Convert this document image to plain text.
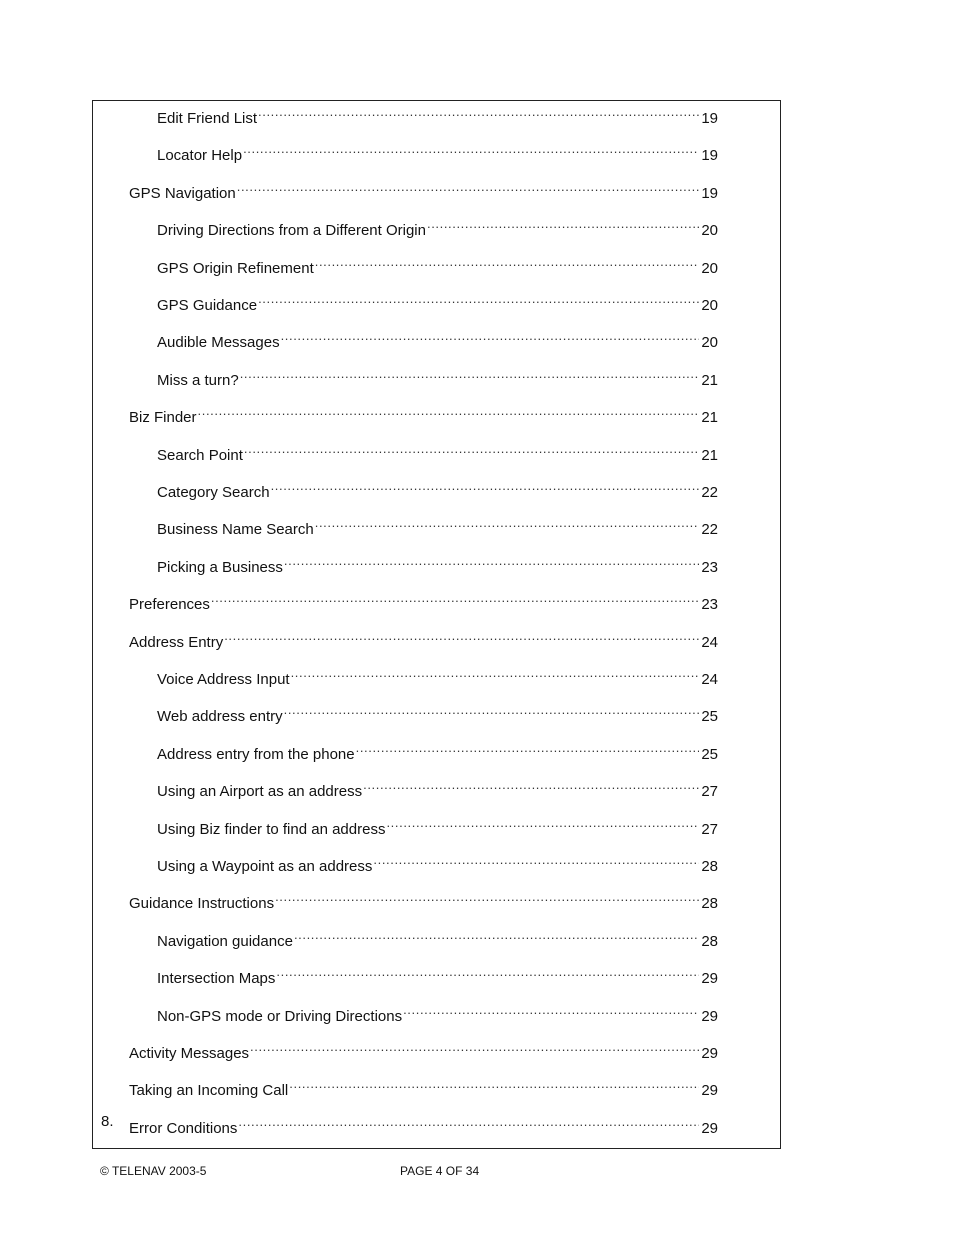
Edit Friend List .....	19
Locator Help .....	19
GPS Navigation .....	19
Driving Directions from a Different Origin .....	20
GPS Origin Refinement .....	20
GPS Guidance .....	20
Audible Messages .....	20
Miss a turn? .....	21
Biz Finder .....	21
Search Point .....	21
Category Search .....	22
Business Name Search .....	22
Picking a Business .....	23
Preferences .....	23
Address Entry .....	24
Voice Address Input .....	24
Web address entry .....	25
Address entry from the phone .....	25
Using an Airport as an address .....	27
Using Biz finder to find an address .....	27
Using a Waypoint as an address .....	28
Guidance Instructions .....	28
Navigation guidance .....	28
Intersection Maps .....	29
Non-GPS mode or Driving Directions .....	29
Activity Messages .....	29
Taking an Incoming Call .....	29
8. Error Conditions .....	29
© TELENAV 2003-5	PAGE 4 OF 34
